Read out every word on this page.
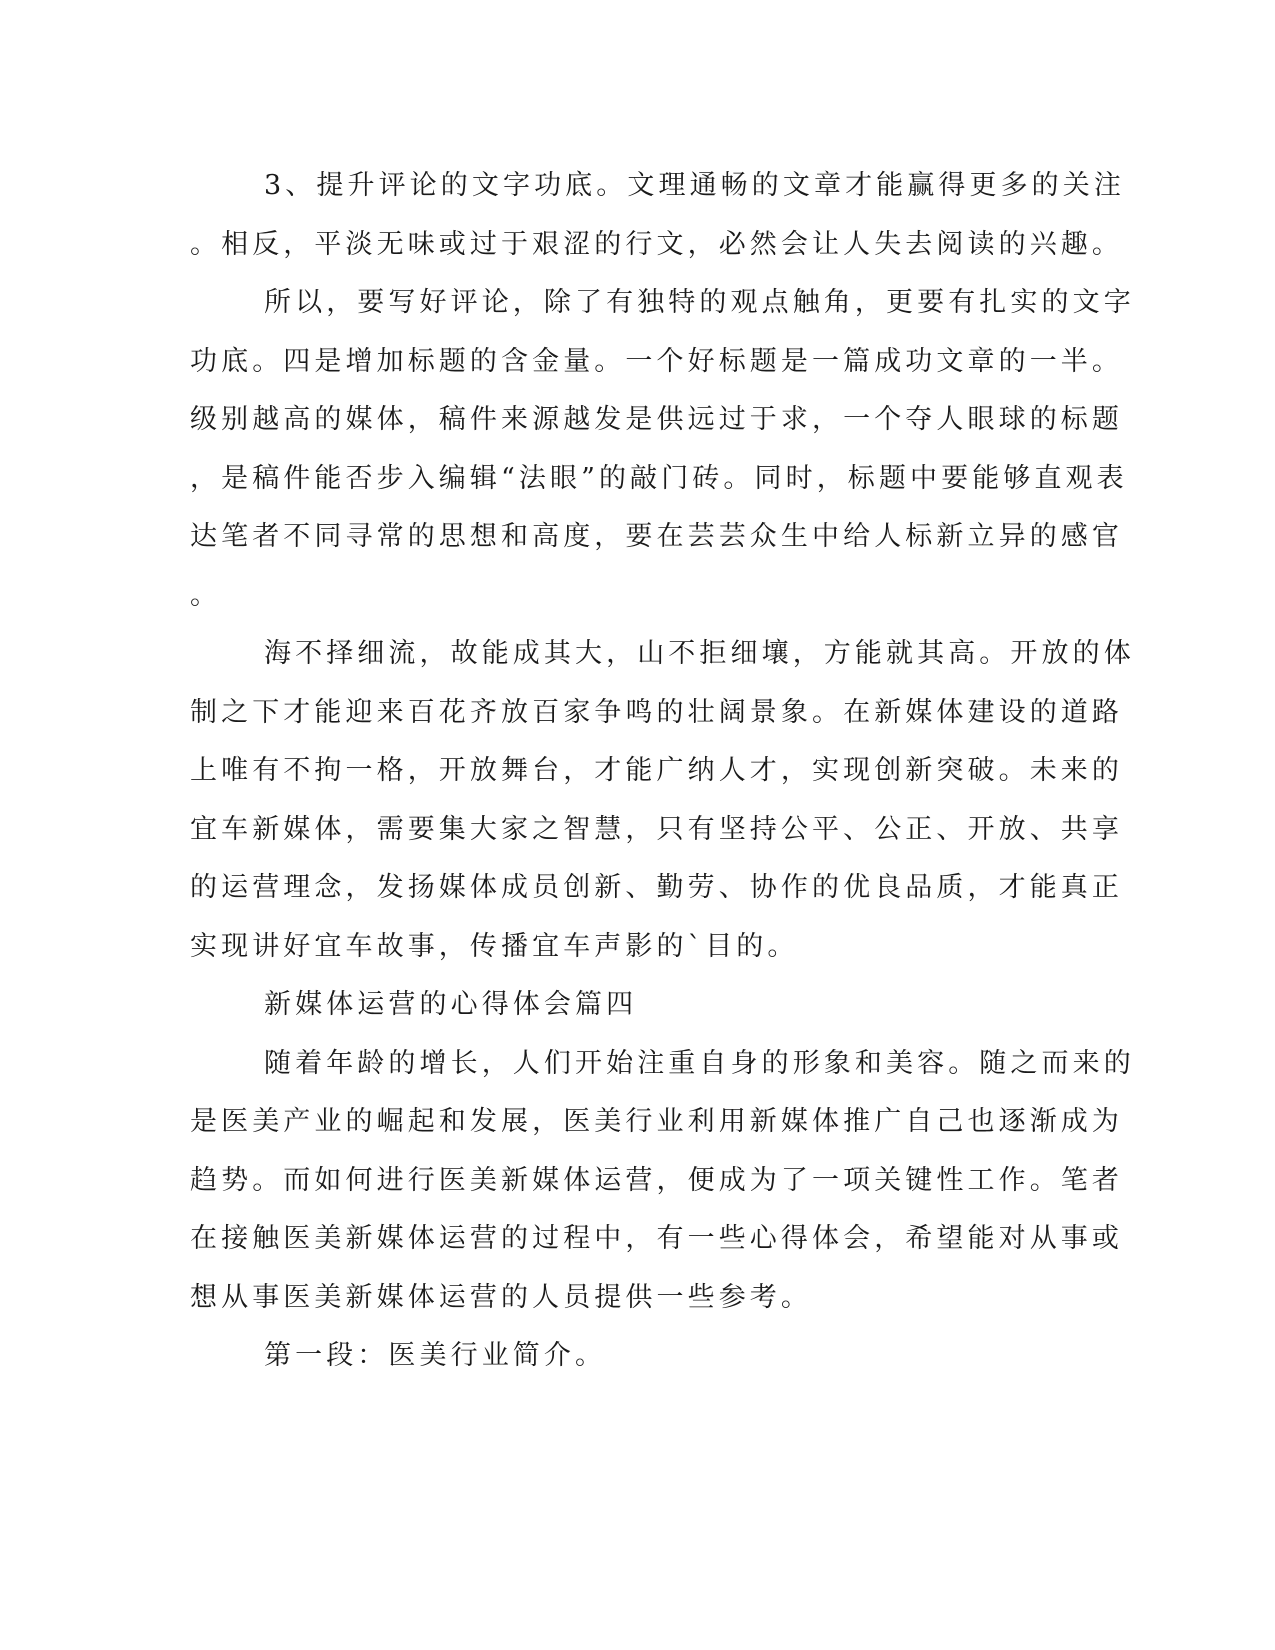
3、提升评论的文字功底。文理通畅的文章才能赢得更多的关注

。相反，平淡无味或过于艰涩的行文，必然会让人失去阅读的兴趣。

所以，要写好评论，除了有独特的观点触角，更要有扎实的文字

功底。四是增加标题的含金量。一个好标题是一篇成功文章的一半。

级别越高的媒体，稿件来源越发是供远过于求，一个夺人眼球的标题

，是稿件能否步入编辑“法眼”的敲门砖。同时，标题中要能够直观表

达笔者不同寻常的思想和高度，要在芸芸众生中给人标新立异的感官

。

海不择细流，故能成其大，山不拒细壤，方能就其高。开放的体

制之下才能迎来百花齐放百家争鸣的壮阔景象。在新媒体建设的道路

上唯有不拘一格，开放舞台，才能广纳人才，实现创新突破。未来的

宜车新媒体，需要集大家之智慧，只有坚持公平、公正、开放、共享

的运营理念，发扬媒体成员创新、勤劳、协作的优良品质，才能真正

实现讲好宜车故事，传播宜车声影的`目的。

新媒体运营的心得体会篇四

随着年龄的增长，人们开始注重自身的形象和美容。随之而来的

是医美产业的崛起和发展，医美行业利用新媒体推广自己也逐渐成为

趋势。而如何进行医美新媒体运营，便成为了一项关键性工作。笔者

在接触医美新媒体运营的过程中，有一些心得体会，希望能对从事或

想从事医美新媒体运营的人员提供一些参考。

第一段：医美行业简介。
